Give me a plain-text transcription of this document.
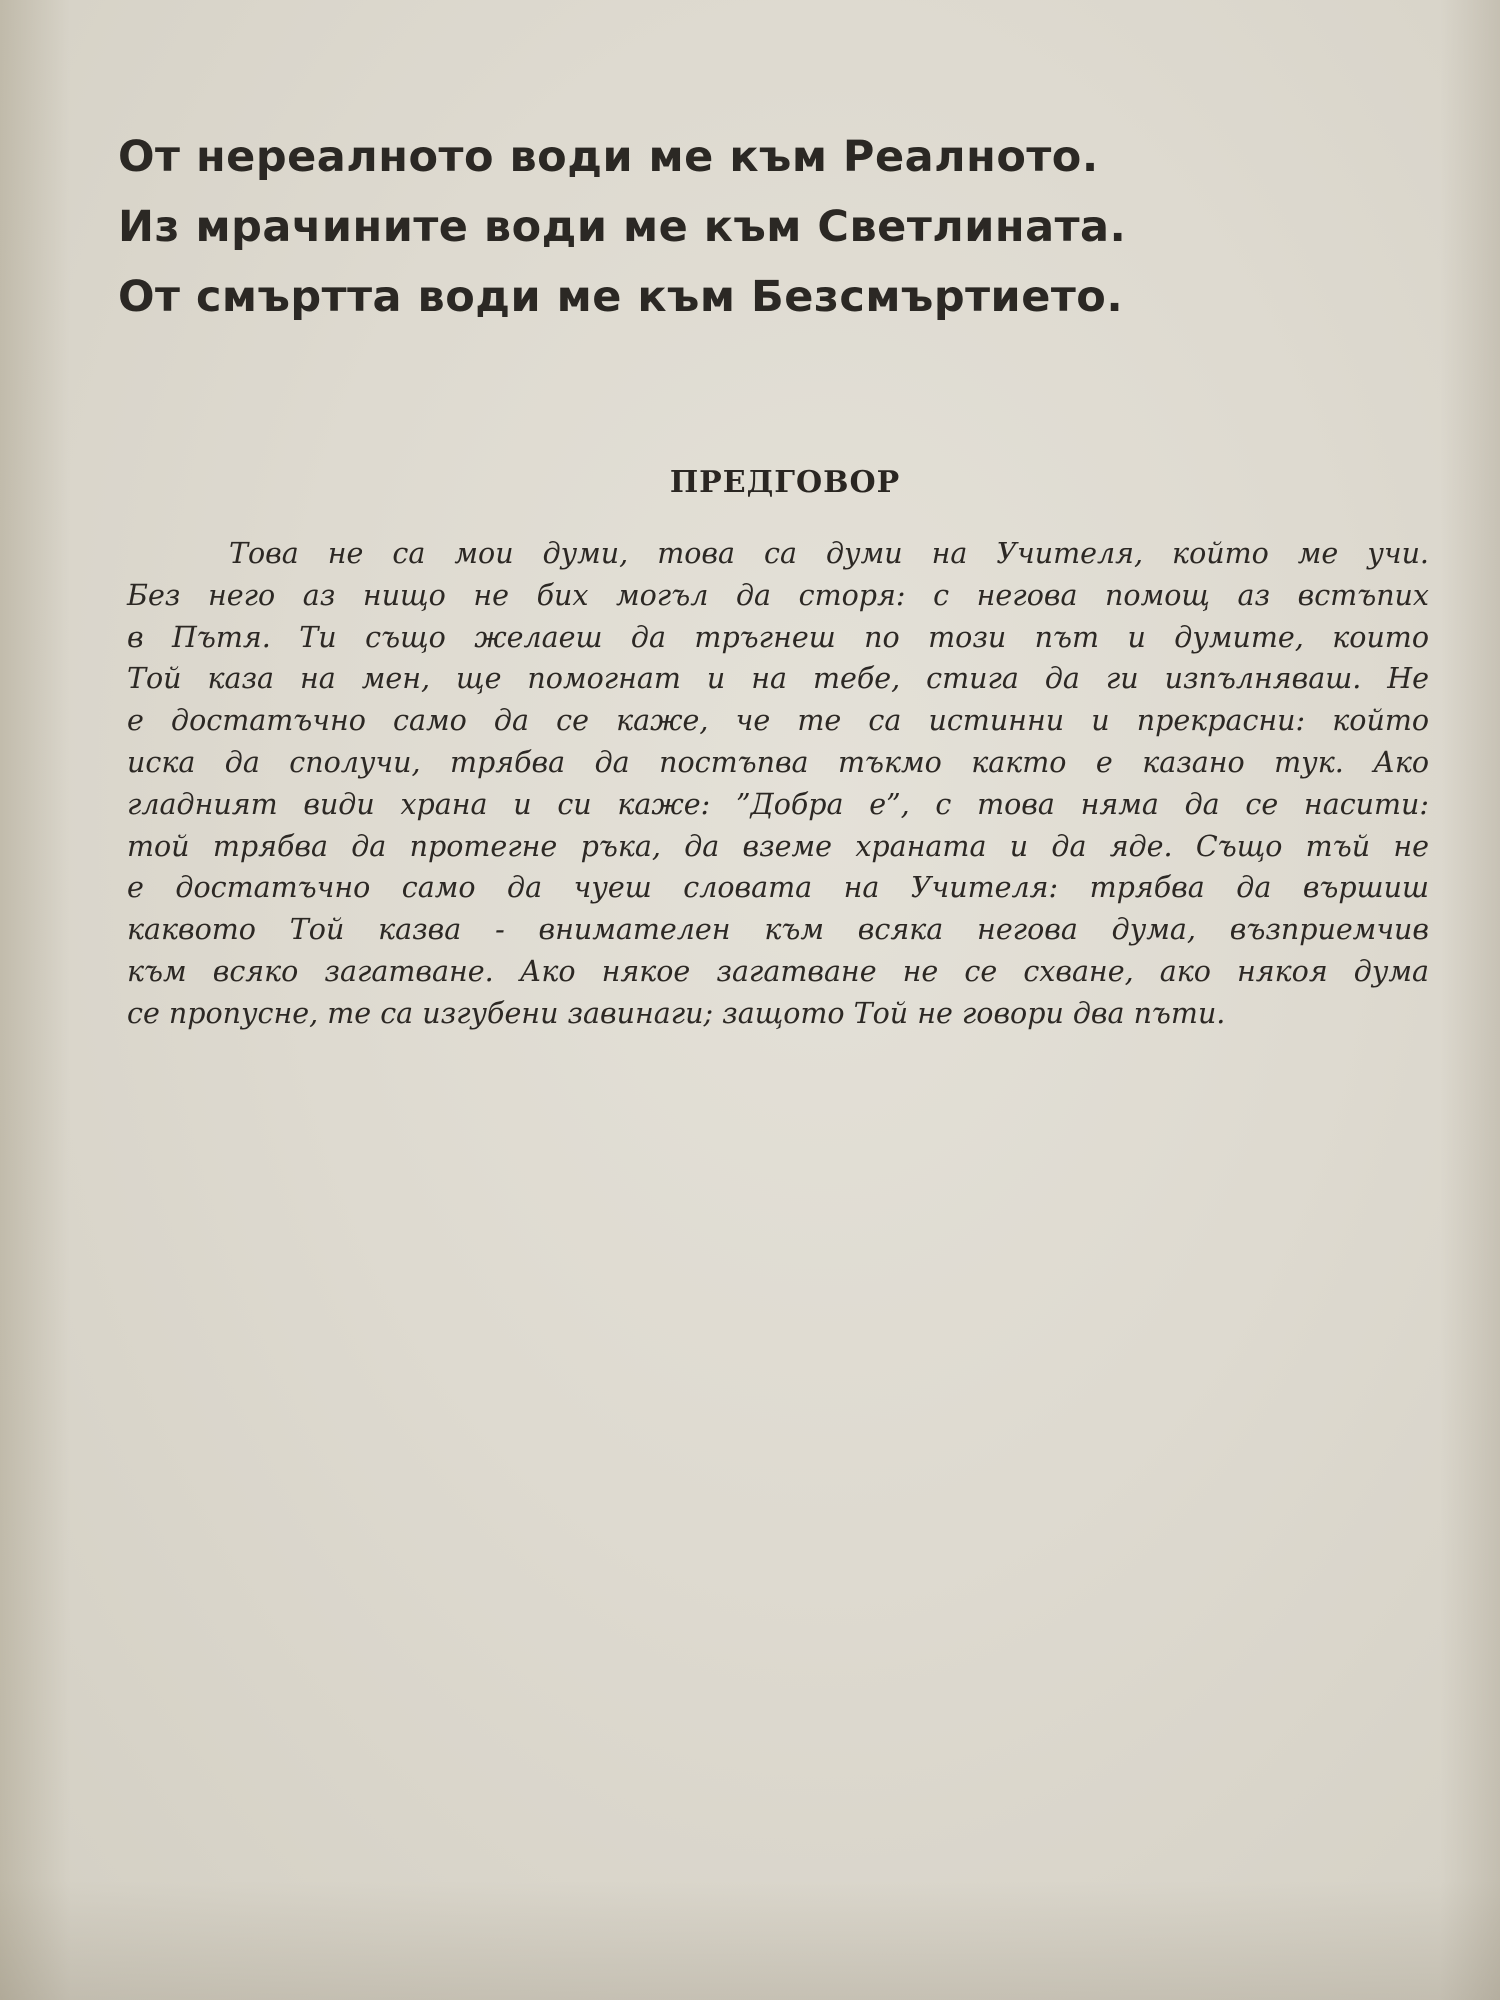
От нереалното води ме към Реалното.
Из мрачините води ме към Светлината.
От смъртта води ме към Безсмъртието.
ПРЕДГОВОР
Това не са мои думи, това са думи на Учителя, който ме учи.
Без него аз нищо не бих могъл да сторя: с негова помощ аз встъпих
в Пътя. Ти също желаеш да тръгнеш по този път и думите, които
Той каза на мен, ще помогнат и на тебе, стига да ги изпълняваш. Не
е достатъчно само да се каже, че те са истинни и прекрасни: който
иска да сполучи, трябва да постъпва тъкмо както е казано тук. Ако
гладният види храна и си каже: ”Добра е”, с това няма да се насити:
той трябва да протегне ръка, да вземе храната и да яде. Също тъй не
е достатъчно само да чуеш словата на Учителя: трябва да вършиш
каквото Той казва - внимателен към всяка негова дума, възприемчив
към всяко загатване. Ако някое загатване не се схване, ако някоя дума
се пропусне, те са изгубени завинаги; защото Той не говори два пъти.
